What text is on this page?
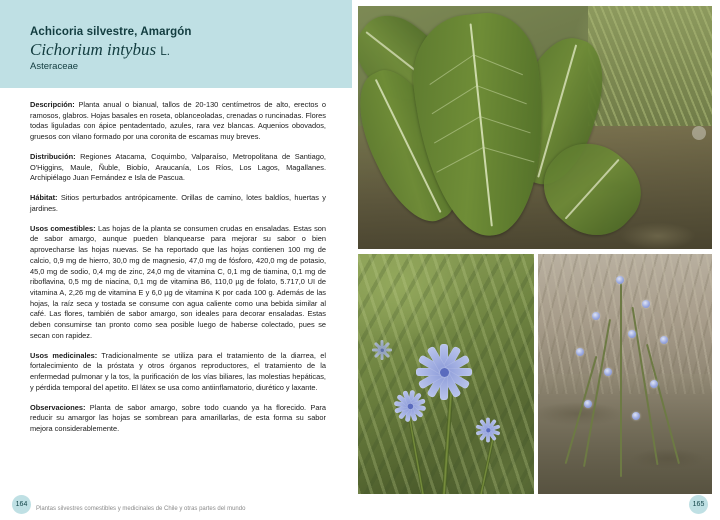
Achicoria silvestre, Amargón

Cichorium intybus L.

Asteraceae

Descripción: Planta anual o bianual, tallos de 20-130 centímetros de alto, erectos o ramosos, glabros. Hojas basales en roseta, oblanceoladas, crenadas o runcinadas. Flores todas liguladas con ápice pentadentado, azules, rara vez blancas. Aquenios obovados, gruesos con vilano formado por una coronita de escamas muy breves.

Distribución: Regiones Atacama, Coquimbo, Valparaíso, Metropolitana de Santiago, O'Higgins, Maule, Ñuble, Biobío, Araucanía, Los Ríos, Los Lagos, Magallanes. Archipiélago Juan Fernández e Isla de Pascua.

Hábitat: Sitios perturbados antrópicamente. Orillas de camino, lotes baldíos, huertas y jardines.

Usos comestibles: Las hojas de la planta se consumen crudas en ensaladas. Estas son de sabor amargo, aunque pueden blanquearse para mejorar su sabor o bien aprovecharse las hojas nuevas. Se ha reportado que las hojas contienen 100 mg de calcio, 0,9 mg de hierro, 30,0 mg de magnesio, 47,0 mg de fósforo, 420,0 mg de potasio, 45,0 mg de sodio, 0,4 mg de zinc, 24,0 mg de vitamina C, 0,1 mg de tiamina, 0,1 mg de riboflavina, 0,5 mg de niacina, 0,1 mg de vitamina B6, 110,0 µg de folato, 5.717,0 UI de vitamina A, 2,26 mg de vitamina E y 6,0 µg de vitamina K por cada 100 g. Además de las hojas, la raíz seca y tostada se consume con agua caliente como una bebida similar al café. Las flores, también de sabor amargo, son ideales para decorar ensaladas. Estas deben consumirse tan pronto como sea posible luego de haberse colectado, pues se secan con rapidez.

Usos medicinales: Tradicionalmente se utiliza para el tratamiento de la diarrea, el fortalecimiento de la próstata y otros órganos reproductores, el tratamiento de la enfermedad pulmonar y la tos, la purificación de los vías biliares, las molestias hepáticas, y pérdida temporal del apetito. El látex se usa como antiinflamatorio, diurético y laxante.

Observaciones: Planta de sabor amargo, sobre todo cuando ya ha florecido. Para reducir su amargor las hojas se sombrean para amarillarlas, de esta forma su sabor mejora considerablemente.

164
Plantas silvestres comestibles y medicinales de Chile y otras partes del mundo
165
